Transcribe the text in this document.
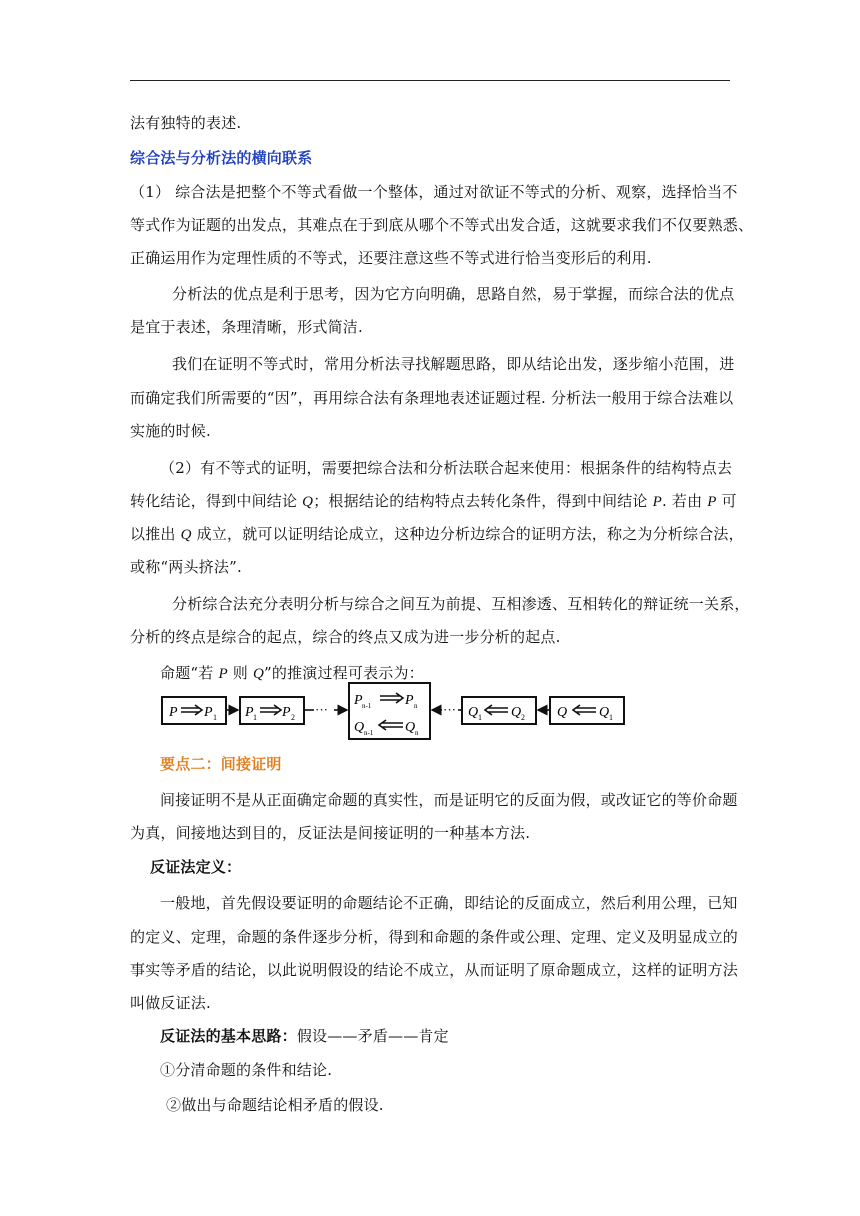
法有独特的表述.
综合法与分析法的横向联系
（1） 综合法是把整个不等式看做一个整体，通过对欲证不等式的分析、观察，选择恰当不
等式作为证题的出发点，其难点在于到底从哪个不等式出发合适，这就要求我们不仅要熟悉、
正确运用作为定理性质的不等式，还要注意这些不等式进行恰当变形后的利用.
分析法的优点是利于思考，因为它方向明确，思路自然，易于掌握，而综合法的优点
是宜于表述，条理清晰，形式简洁.
我们在证明不等式时，常用分析法寻找解题思路，即从结论出发，逐步缩小范围，进
而确定我们所需要的“因”，再用综合法有条理地表述证题过程. 分析法一般用于综合法难以
实施的时候.
（2）有不等式的证明，需要把综合法和分析法联合起来使用：根据条件的结构特点去
转化结论，得到中间结论 Q；根据结论的结构特点去转化条件，得到中间结论 P. 若由 P 可
以推出 Q 成立，就可以证明结论成立，这种边分析边综合的证明方法，称之为分析综合法，
或称“两头挤法”.
分析综合法充分表明分析与综合之间互为前提、互相渗透、互相转化的辩证统一关系，
分析的终点是综合的起点，综合的终点又成为进一步分析的起点.
命题“若 P 则 Q”的推演过程可表示为：
P P 1 P 1 P 2
···
P n-1 P n
Q n-1 Q n
··· Q 1 Q 2 Q Q 1
要点二：间接证明
间接证明不是从正面确定命题的真实性，而是证明它的反面为假，或改证它的等价命题
为真，间接地达到目的，反证法是间接证明的一种基本方法.
反证法定义：
一般地，首先假设要证明的命题结论不正确，即结论的反面成立，然后利用公理，已知
的定义、定理，命题的条件逐步分析，得到和命题的条件或公理、定理、定义及明显成立的
事实等矛盾的结论，以此说明假设的结论不成立，从而证明了原命题成立，这样的证明方法
叫做反证法.
反证法的基本思路：假设——矛盾——肯定
①分清命题的条件和结论.
②做出与命题结论相矛盾的假设.
